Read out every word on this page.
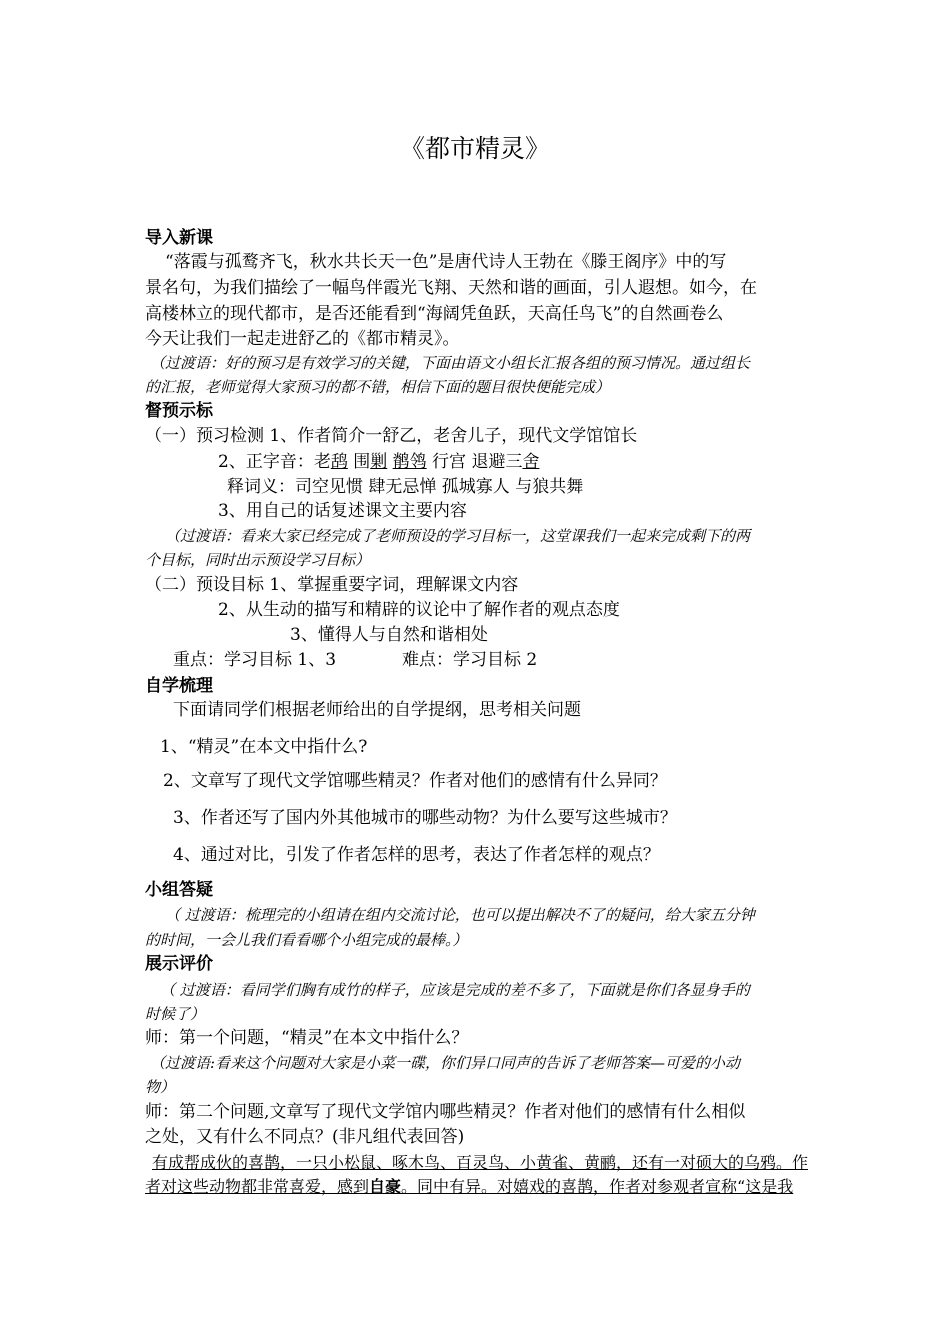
《都市精灵》
导入新课
“落霞与孤鹜齐飞，秋水共长天一色”是唐代诗人王勃在《滕王阁序》中的写
景名句，为我们描绘了一幅鸟伴霞光飞翔、天然和谐的画面，引人遐想。如今，在
高楼林立的现代都市，是否还能看到“海阔凭鱼跃，天高任鸟飞”的自然画卷么
今天让我们一起走进舒乙的《都市精灵》。
（过渡语：好的预习是有效学习的关键，下面由语文小组长汇报各组的预习情况。通过组长
的汇报，老师觉得大家预习的都不错，相信下面的题目很快便能完成）
督预示标
（一）预习检测 1、作者简介一舒乙，老舍儿子，现代文学馆馆长
2、正字音：老鸹 围剿 鹡鸰 行宫 退避三舍
释词义：司空见惯 肆无忌惮 孤城寡人 与狼共舞
3、用自己的话复述课文主要内容
（过渡语：看来大家已经完成了老师预设的学习目标一，这堂课我们一起来完成剩下的两
个目标，同时出示预设学习目标）
（二）预设目标 1、掌握重要字词，理解课文内容
2、从生动的描写和精辟的议论中了解作者的观点态度
3、懂得人与自然和谐相处
重点：学习目标 1、3	难点：学习目标 2
自学梳理
下面请同学们根据老师给出的自学提纲，思考相关问题
1、“精灵”在本文中指什么?
2、文章写了现代文学馆哪些精灵？作者对他们的感情有什么异同？
3、作者还写了国内外其他城市的哪些动物？为什么要写这些城市？
4、通过对比，引发了作者怎样的思考，表达了作者怎样的观点？
小组答疑
（ 过渡语：梳理完的小组请在组内交流讨论，也可以提出解决不了的疑问，给大家五分钟
的时间，一会儿我们看看哪个小组完成的最棒。）
展示评价
（ 过渡语：看同学们胸有成竹的样子，应该是完成的差不多了，下面就是你们各显身手的
时候了）
师：第一个问题，“精灵”在本文中指什么？
（过渡语:看来这个问题对大家是小菜一碟，你们异口同声的告诉了老师答案—可爱的小动
物）
师：第二个问题,文章写了现代文学馆内哪些精灵？作者对他们的感情有什么相似
之处，又有什么不同点？(非凡组代表回答)
有成帮成伙的喜鹊，一只小松鼠、啄木鸟、百灵鸟、小黄雀、黄鹂，还有一对硕大的乌鸦。作
者对这些动物都非常喜爱，感到自豪。同中有异。对嬉戏的喜鹊，作者对参观者宣称“这是我
